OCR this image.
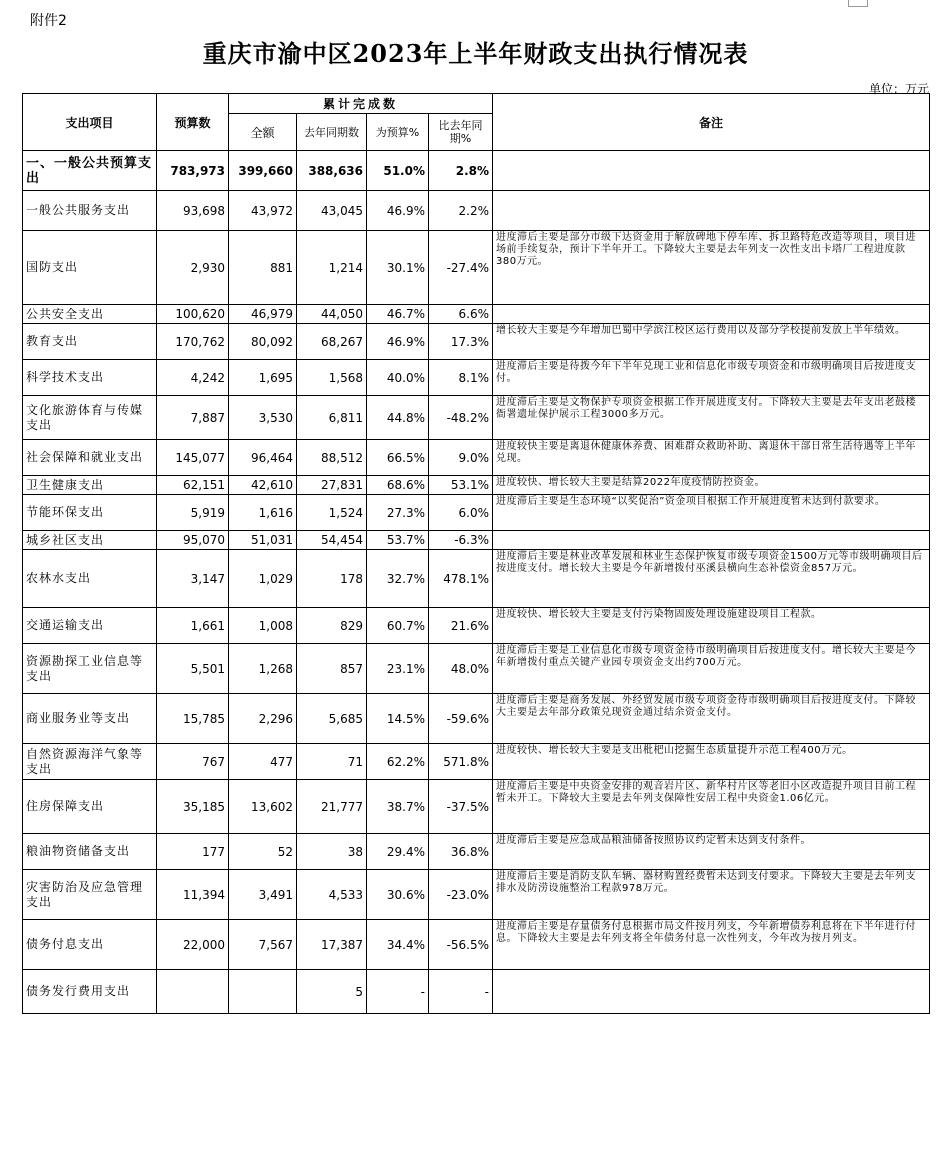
附件2
重庆市渝中区2023年上半年财政支出执行情况表
单位：万元
支出项目	预算数	累计完成数				备注
		全额	去年同期数	为预算%	比去年同期%	
一、一般公共预算支出	783,973	399,660	388,636	51.0%	2.8%	
一般公共服务支出	93,698	43,972	43,045	46.9%	2.2%	
国防支出	2,930	881	1,214	30.1%	-27.4%	进度滞后主要是部分市级下达资金用于解放碑地下停车库、拆卫路特危改造等项目，项目进场前手续复杂，预计下半年开工。下降较大主要是去年列支一次性支出卡塔厂工程进度款380万元。
公共安全支出	100,620	46,979	44,050	46.7%	6.6%	
教育支出	170,762	80,092	68,267	46.9%	17.3%	增长较大主要是今年增加巴蜀中学滨江校区运行费用以及部分学校提前发放上半年绩效。
科学技术支出	4,242	1,695	1,568	40.0%	8.1%	进度滞后主要是待拨今年下半年兑现工业和信息化市级专项资金和市级明确项目后按进度支付。
文化旅游体育与传媒支出	7,887	3,530	6,811	44.8%	-48.2%	进度滞后主要是文物保护专项资金根据工作开展进度支付。下降较大主要是去年支出老鼓楼衙署遗址保护展示工程3000多万元。
社会保障和就业支出	145,077	96,464	88,512	66.5%	9.0%	进度较快主要是离退休健康休养费、困难群众救助补助、离退休干部日常生活待遇等上半年兑现。
卫生健康支出	62,151	42,610	27,831	68.6%	53.1%	进度较快、增长较大主要是结算2022年度疫情防控资金。
节能环保支出	5,919	1,616	1,524	27.3%	6.0%	进度滞后主要是生态环境“以奖促治”资金项目根据工作开展进度暂未达到付款要求。
城乡社区支出	95,070	51,031	54,454	53.7%	-6.3%	
农林水支出	3,147	1,029	178	32.7%	478.1%	进度滞后主要是林业改革发展和林业生态保护恢复市级专项资金1500万元等市级明确项目后按进度支付。增长较大主要是今年新增拨付巫溪县横向生态补偿资金857万元。
交通运输支出	1,661	1,008	829	60.7%	21.6%	进度较快、增长较大主要是支付污染物固废处理设施建设项目工程款。
资源勘探工业信息等支出	5,501	1,268	857	23.1%	48.0%	进度滞后主要是工业信息化市级专项资金待市级明确项目后按进度支付。增长较大主要是今年新增拨付重点关键产业园专项资金支出约700万元。
商业服务业等支出	15,785	2,296	5,685	14.5%	-59.6%	进度滞后主要是商务发展、外经贸发展市级专项资金待市级明确项目后按进度支付。下降较大主要是去年部分政策兑现资金通过结余资金支付。
自然资源海洋气象等支出	767	477	71	62.2%	571.8%	进度较快、增长较大主要是支出枇杷山挖掘生态质量提升示范工程400万元。
住房保障支出	35,185	13,602	21,777	38.7%	-37.5%	进度滞后主要是中央资金安排的观音岩片区、新华村片区等老旧小区改造提升项目目前工程暂未开工。下降较大主要是去年列支保障性安居工程中央资金1.06亿元。
粮油物资储备支出	177	52	38	29.4%	36.8%	进度滞后主要是应急成品粮油储备按照协议约定暂未达到支付条件。
灾害防治及应急管理支出	11,394	3,491	4,533	30.6%	-23.0%	进度滞后主要是消防支队车辆、器材购置经费暂未达到支付要求。下降较大主要是去年列支排水及防涝设施整治工程款978万元。
债务付息支出	22,000	7,567	17,387	34.4%	-56.5%	进度滞后主要是存量债务付息根据市局文件按月列支，今年新增债券利息将在下半年进行付息。下降较大主要是去年列支将全年债务付息一次性列支，今年改为按月列支。
债务发行费用支出			5	-	-	
